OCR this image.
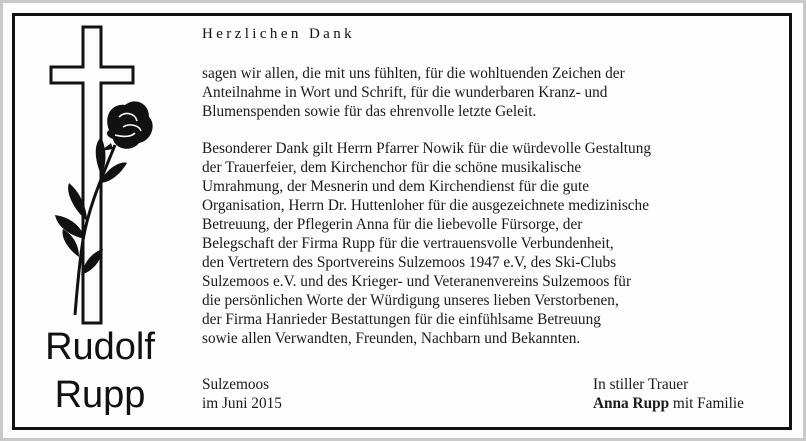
Rudolf
Rupp
Herzlichen Dank
sagen wir allen, die mit uns fühlten, für die wohltuenden Zeichen der
Anteilnahme in Wort und Schrift, für die wunderbaren Kranz- und
Blumenspenden sowie für das ehrenvolle letzte Geleit.
Besonderer Dank gilt Herrn Pfarrer Nowik für die würdevolle Gestaltung
der Trauerfeier, dem Kirchenchor für die schöne musikalische
Umrahmung, der Mesnerin und dem Kirchendienst für die gute
Organisation, Herrn Dr. Huttenloher für die ausgezeichnete medizinische
Betreuung, der Pflegerin Anna für die liebevolle Fürsorge, der
Belegschaft der Firma Rupp für die vertrauensvolle Verbundenheit,
den Vertretern des Sportvereins Sulzemoos 1947 e.V, des Ski-Clubs
Sulzemoos e.V. und des Krieger- und Veteranenvereins Sulzemoos für
die persönlichen Worte der Würdigung unseres lieben Verstorbenen,
der Firma Hanrieder Bestattungen für die einfühlsame Betreuung
sowie allen Verwandten, Freunden, Nachbarn und Bekannten.
Sulzemoos
im Juni 2015
In stiller Trauer
Anna Rupp mit Familie
